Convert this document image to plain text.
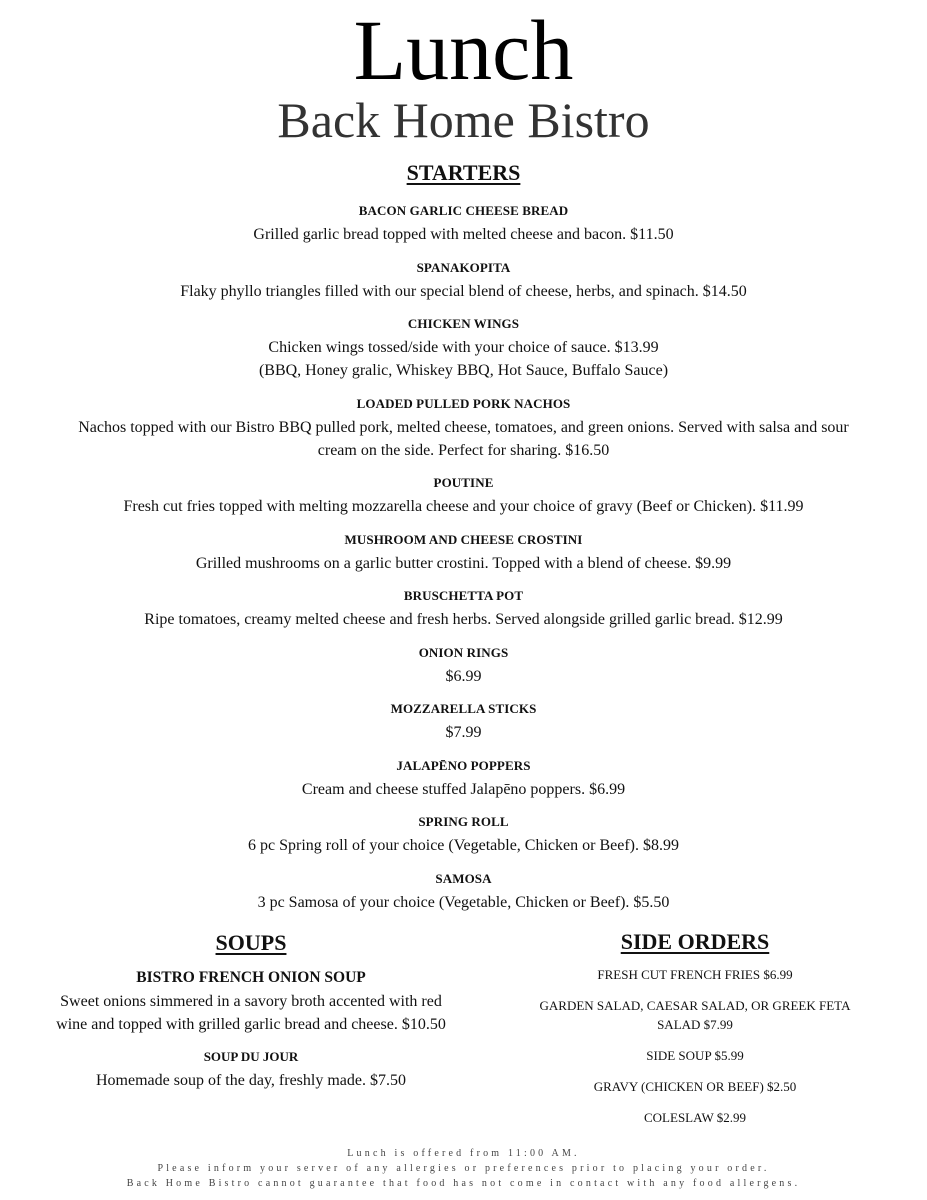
Lunch
Back Home Bistro
STARTERS
BACON GARLIC CHEESE BREAD
Grilled garlic bread topped with melted cheese and bacon. $11.50
SPANAKOPITA
Flaky phyllo triangles filled with our special blend of cheese, herbs, and spinach. $14.50
CHICKEN WINGS
Chicken wings tossed/side with your choice of sauce. $13.99
(BBQ, Honey gralic, Whiskey BBQ, Hot Sauce, Buffalo Sauce)
LOADED PULLED PORK NACHOS
Nachos topped with our Bistro BBQ pulled pork, melted cheese, tomatoes, and green onions. Served with salsa and sour
cream on the side. Perfect for sharing. $16.50
POUTINE
Fresh cut fries topped with melting mozzarella cheese and your choice of gravy (Beef or Chicken). $11.99
MUSHROOM AND CHEESE CROSTINI
Grilled mushrooms on a garlic butter crostini. Topped with a blend of cheese. $9.99
BRUSCHETTA POT
Ripe tomatoes, creamy melted cheese and fresh herbs. Served alongside grilled garlic bread. $12.99
ONION RINGS
$6.99
MOZZARELLA STICKS
$7.99
JALAPĒNO POPPERS
Cream and cheese stuffed Jalapēno poppers. $6.99
SPRING ROLL
6 pc Spring roll of your choice (Vegetable, Chicken or Beef). $8.99
SAMOSA
3 pc Samosa of your choice (Vegetable, Chicken or Beef). $5.50
SOUPS
BISTRO FRENCH ONION SOUP
Sweet onions simmered in a savory broth accented with red
wine and topped with grilled garlic bread and cheese. $10.50
SOUP DU JOUR
Homemade soup of the day, freshly made. $7.50
SIDE ORDERS
FRESH CUT FRENCH FRIES $6.99
GARDEN SALAD, CAESAR SALAD, OR GREEK FETA
SALAD $7.99
SIDE SOUP $5.99
GRAVY (CHICKEN OR BEEF) $2.50
COLESLAW $2.99
Lunch is offered from 11:00 AM.
Please inform your server of any allergies or preferences prior to placing your order.
Back Home Bistro cannot guarantee that food has not come in contact with any food allergens.
